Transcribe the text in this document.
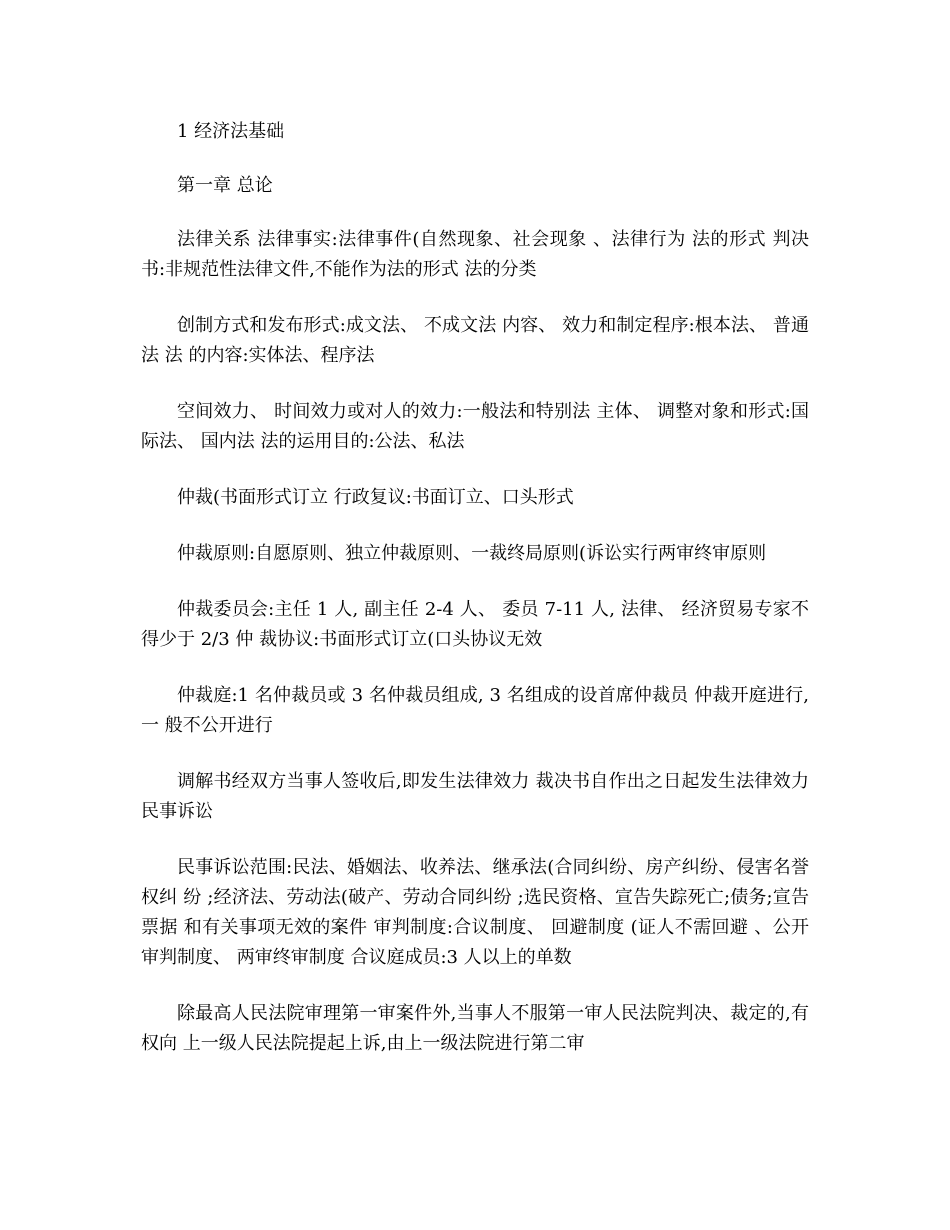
1 经济法基础

第一章 总论

法律关系 法律事实:法律事件(自然现象、社会现象 、法律行为 法的形式 判决书:非规范性法律文件,不能作为法的形式 法的分类

创制方式和发布形式:成文法、 不成文法 内容、 效力和制定程序:根本法、 普通法 法 的内容:实体法、程序法

空间效力、 时间效力或对人的效力:一般法和特别法 主体、 调整对象和形式:国际法、 国内法 法的运用目的:公法、私法

仲裁(书面形式订立 行政复议:书面订立、口头形式

仲裁原则:自愿原则、独立仲裁原则、一裁终局原则(诉讼实行两审终审原则

仲裁委员会:主任 1 人, 副主任 2-4 人、 委员 7-11 人, 法律、 经济贸易专家不得少于 2/3 仲 裁协议:书面形式订立(口头协议无效

仲裁庭:1 名仲裁员或 3 名仲裁员组成, 3 名组成的设首席仲裁员 仲裁开庭进行, 一 般不公开进行

调解书经双方当事人签收后,即发生法律效力 裁决书自作出之日起发生法律效力 民事诉讼

民事诉讼范围:民法、婚姻法、收养法、继承法(合同纠纷、房产纠纷、侵害名誉权纠 纷 ;经济法、劳动法(破产、劳动合同纠纷 ;选民资格、宣告失踪死亡;债务;宣告票据 和有关事项无效的案件 审判制度:合议制度、 回避制度 (证人不需回避 、公开审判制度、 两审终审制度 合议庭成员:3 人以上的单数

除最高人民法院审理第一审案件外,当事人不服第一审人民法院判决、裁定的,有权向 上一级人民法院提起上诉,由上一级法院进行第二审
